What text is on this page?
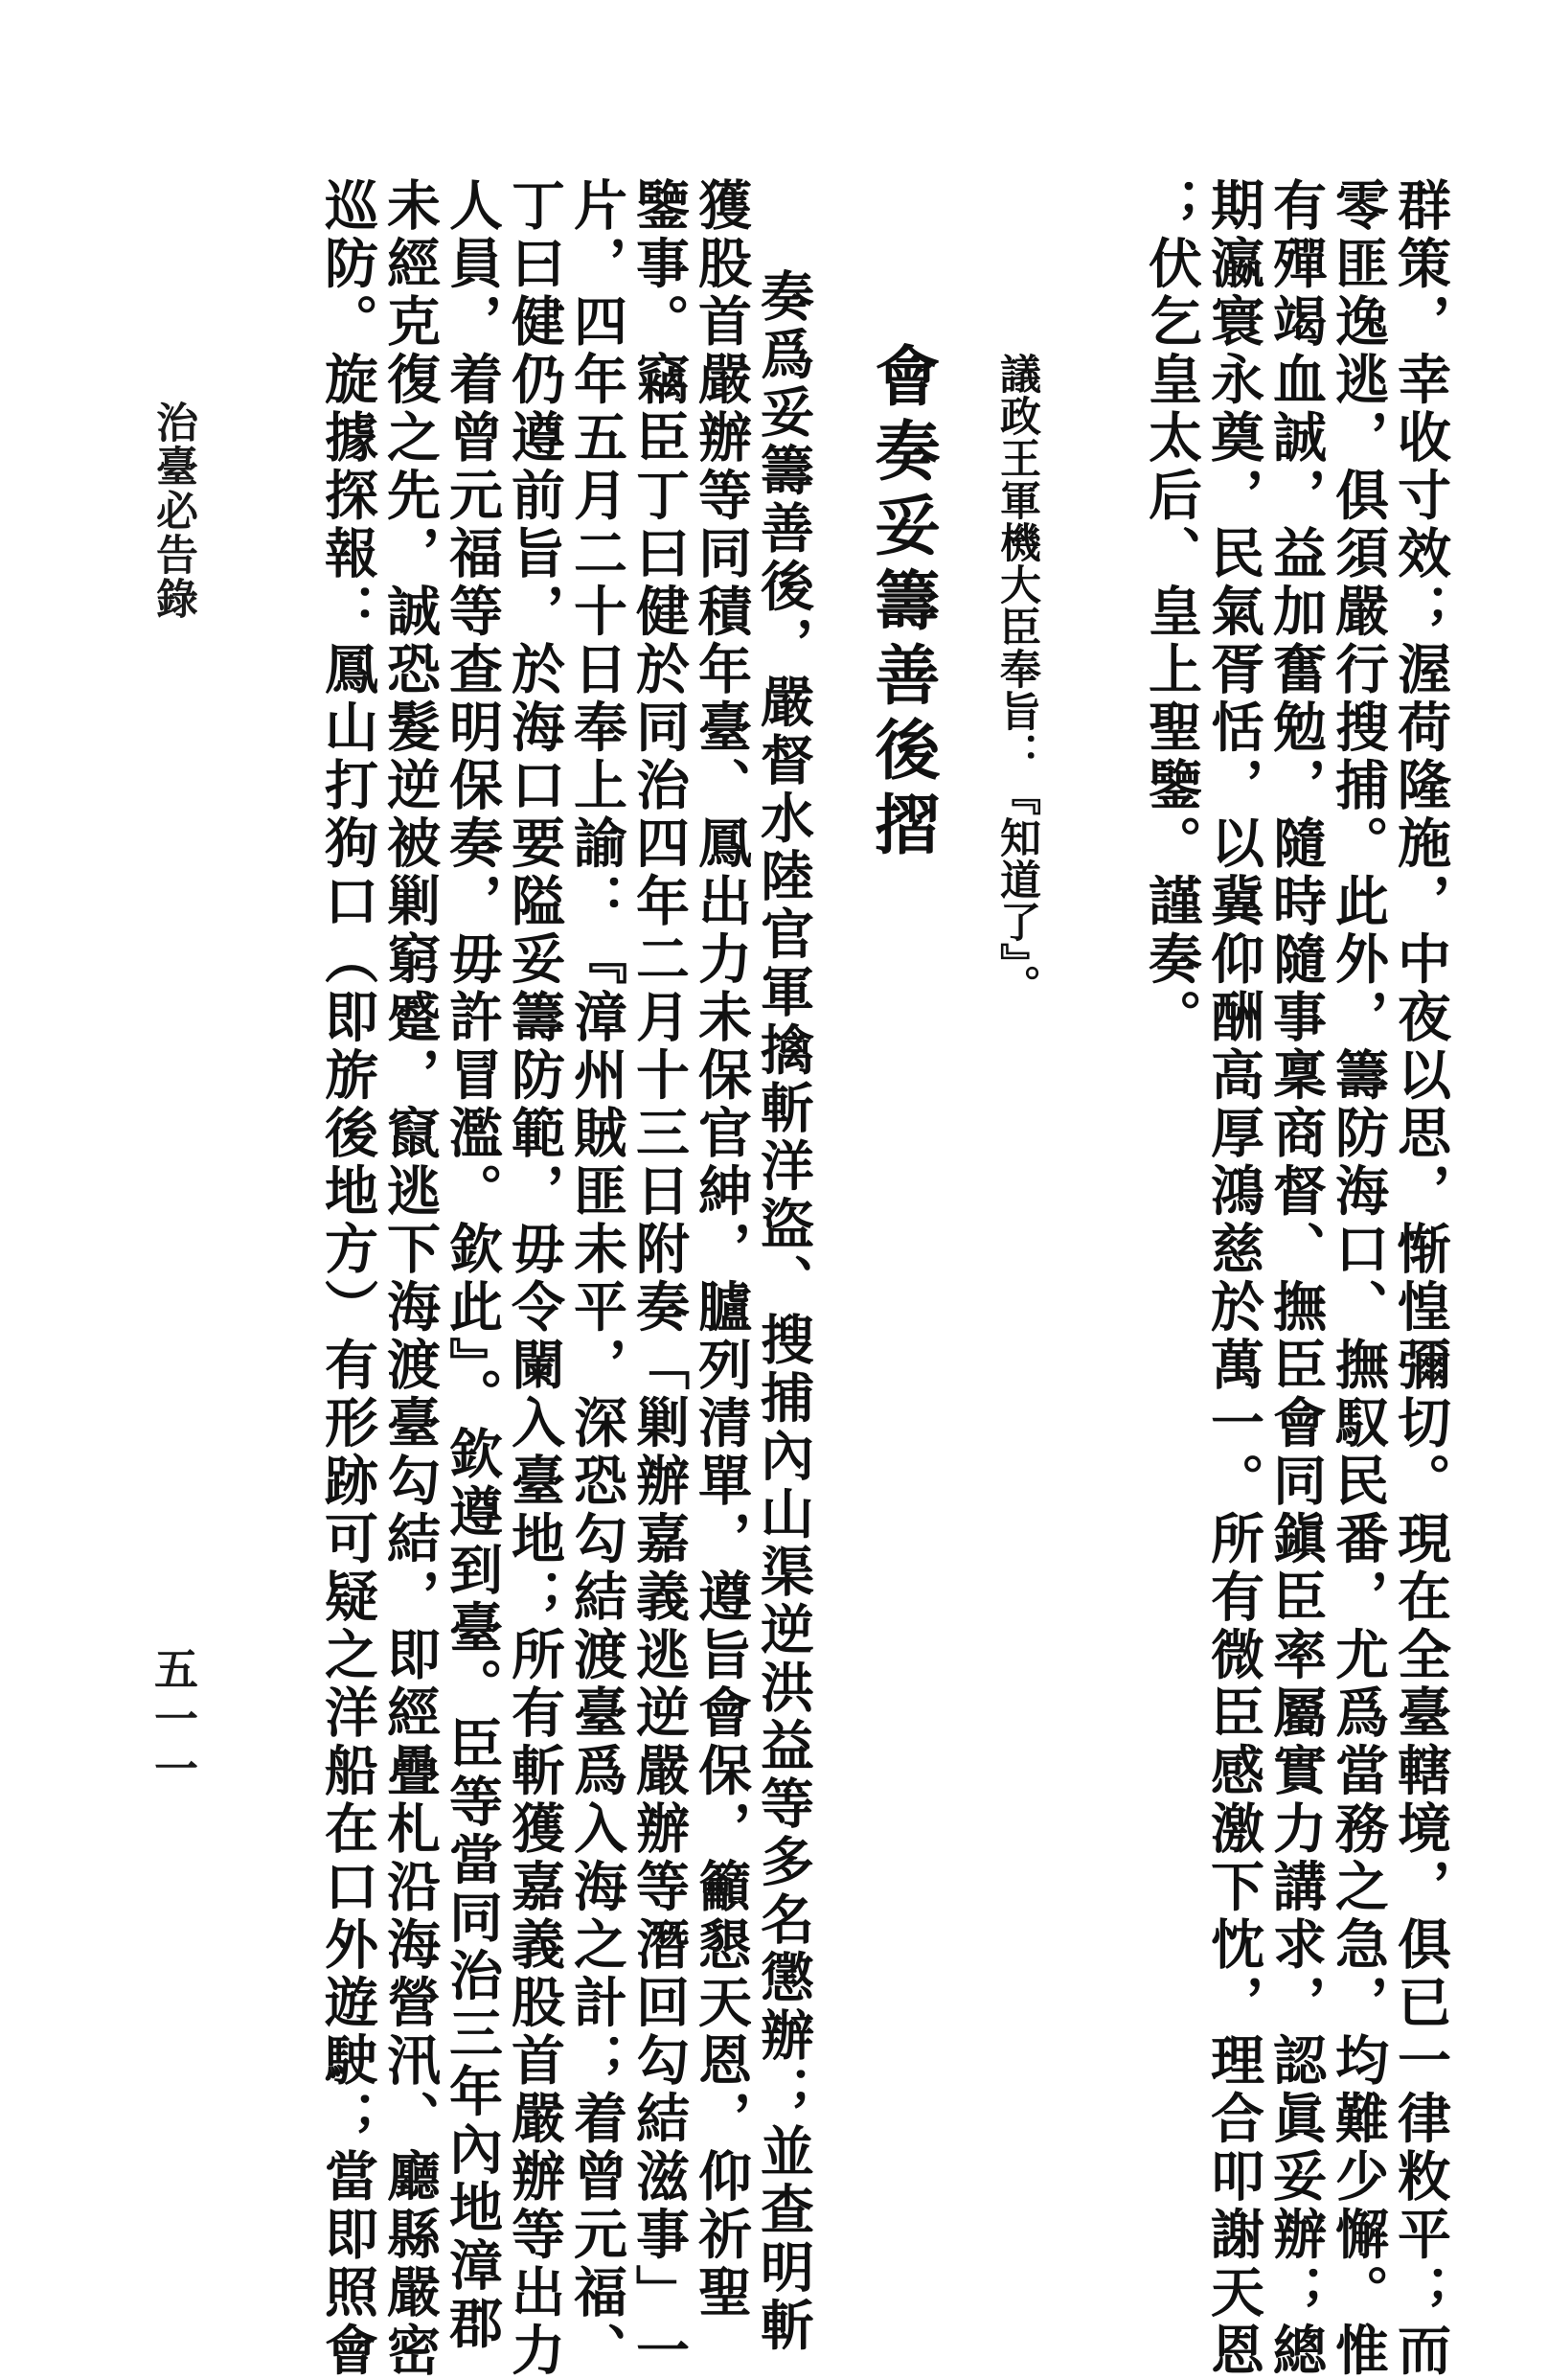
群策，幸收寸效；渥荷隆施，中夜以思，惭惶彌切。現在全臺轄境，俱已一律敉平；而
零匪逸逃，俱須嚴行搜捕。此外，籌防海口、撫馭民番，尤爲當務之急，均難少懈。惟
有殫竭血誠，益加奮勉，隨時隨事稟商督、撫臣會同鎭臣率屬實力講求，認眞妥辦；總
期瀛寰永奠，民氣胥恬，以冀仰酬高厚鴻慈於萬一。所有微臣感激下忱，理合叩謝天恩
；伏乞皇太后、皇上聖鑒。謹奏。
議政王軍機大臣奉旨：『知道了』。
會奏妥籌善後摺
奏爲妥籌善後，嚴督水陸官軍擒斬洋盜、搜捕內山渠逆洪益等多名懲辦；並查明斬
獲股首嚴辦等同積年臺、鳳出力未保官紳，臚列清單，遵旨會保，籲懇天恩，仰祈聖
鑒事。竊臣丁曰健於同治四年二月十三日附奏「剿辦嘉義逃逆嚴辦等潛回勾結滋事」一
片，四年五月二十日奉上諭：『漳州賊匪未平，深恐勾結渡臺爲入海之計；着曾元福、
丁曰健仍遵前旨，於海口要隘妥籌防範，毋令闌入臺地；所有斬獲嘉義股首嚴辦等出力
人員，着曾元福等查明保奏，毋許冒濫。欽此』。欽遵到臺。臣等當同治三年內地漳郡
未經克復之先，誠恐髮逆被剿窮蹙，竄逃下海渡臺勾結，即經疊札沿海營汛、廳縣嚴密
巡防。旋據探報：鳳山打狗口（即旂後地方）有形跡可疑之洋船在口外遊駛；當即照會
治臺必告錄
五一一
